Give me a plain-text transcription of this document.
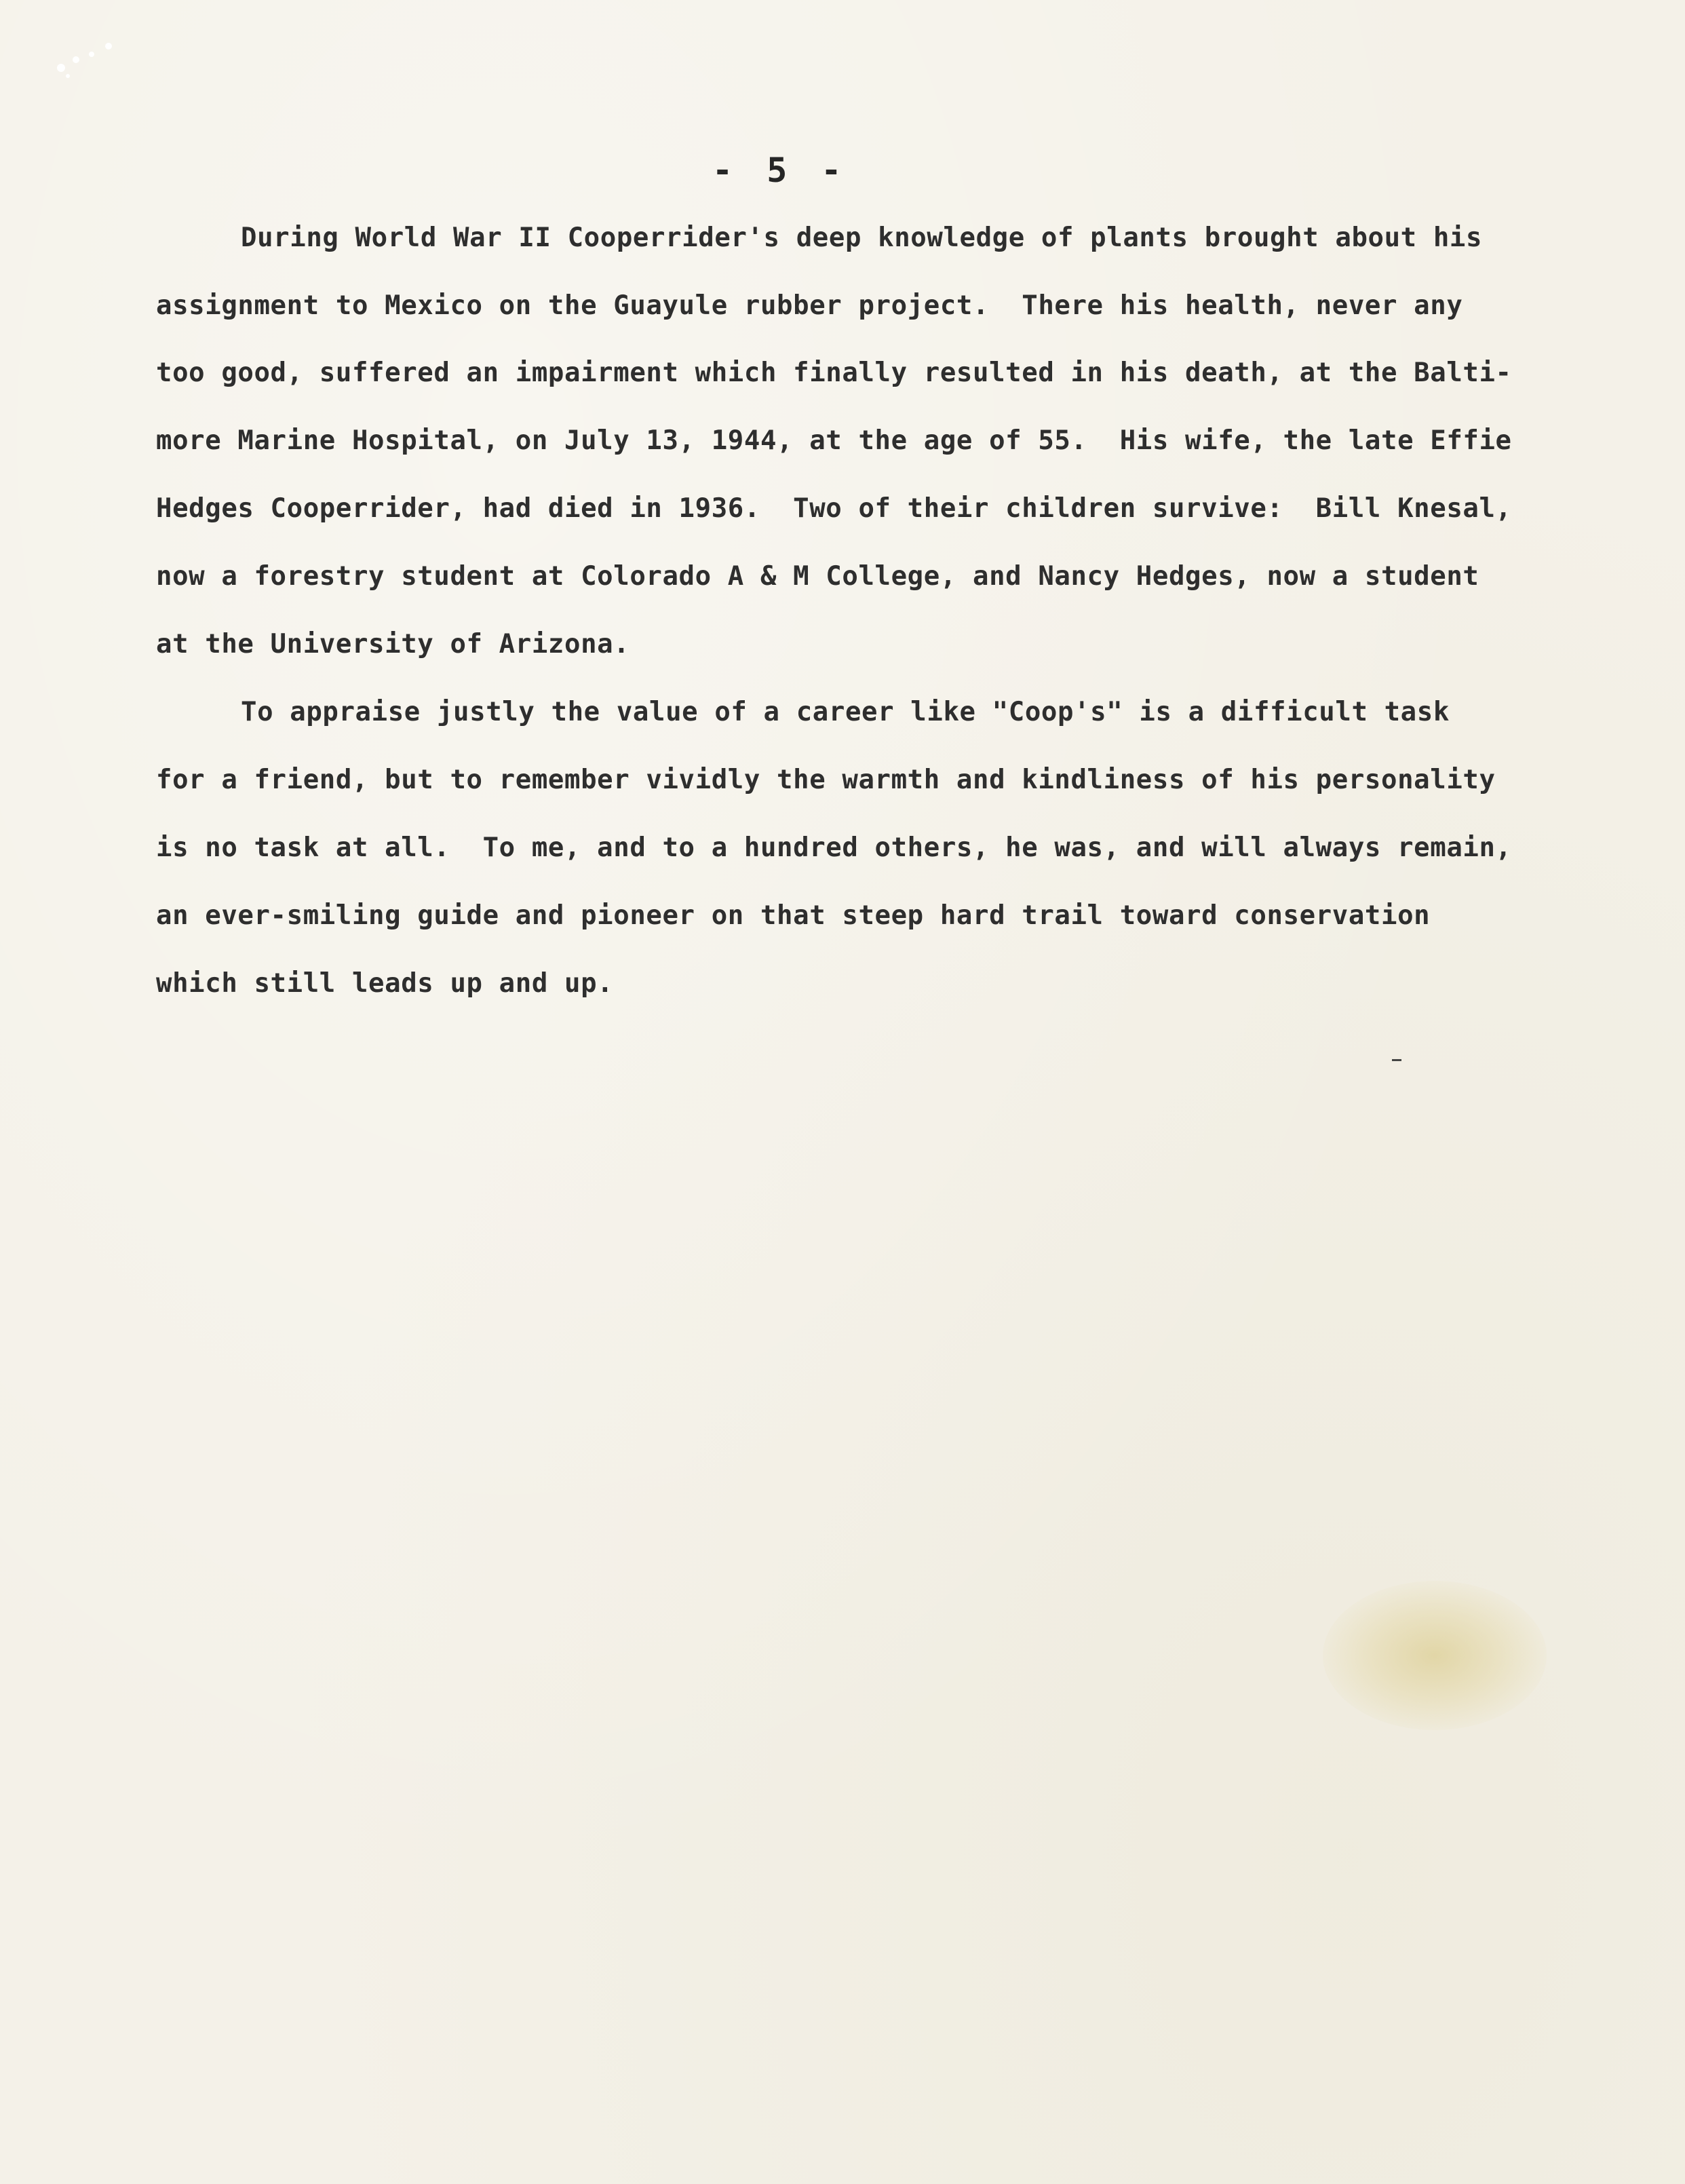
- 5 -
During World War II Cooperrider's deep knowledge of plants brought about his
assignment to Mexico on the Guayule rubber project.  There his health, never any
too good, suffered an impairment which finally resulted in his death, at the Balti-
more Marine Hospital, on July 13, 1944, at the age of 55.  His wife, the late Effie
Hedges Cooperrider, had died in 1936.  Two of their children survive:  Bill Knesal,
now a forestry student at Colorado A & M College, and Nancy Hedges, now a student
at the University of Arizona.
To appraise justly the value of a career like "Coop's" is a difficult task
for a friend, but to remember vividly the warmth and kindliness of his personality
is no task at all.  To me, and to a hundred others, he was, and will always remain,
an ever-smiling guide and pioneer on that steep hard trail toward conservation
which still leads up and up.
